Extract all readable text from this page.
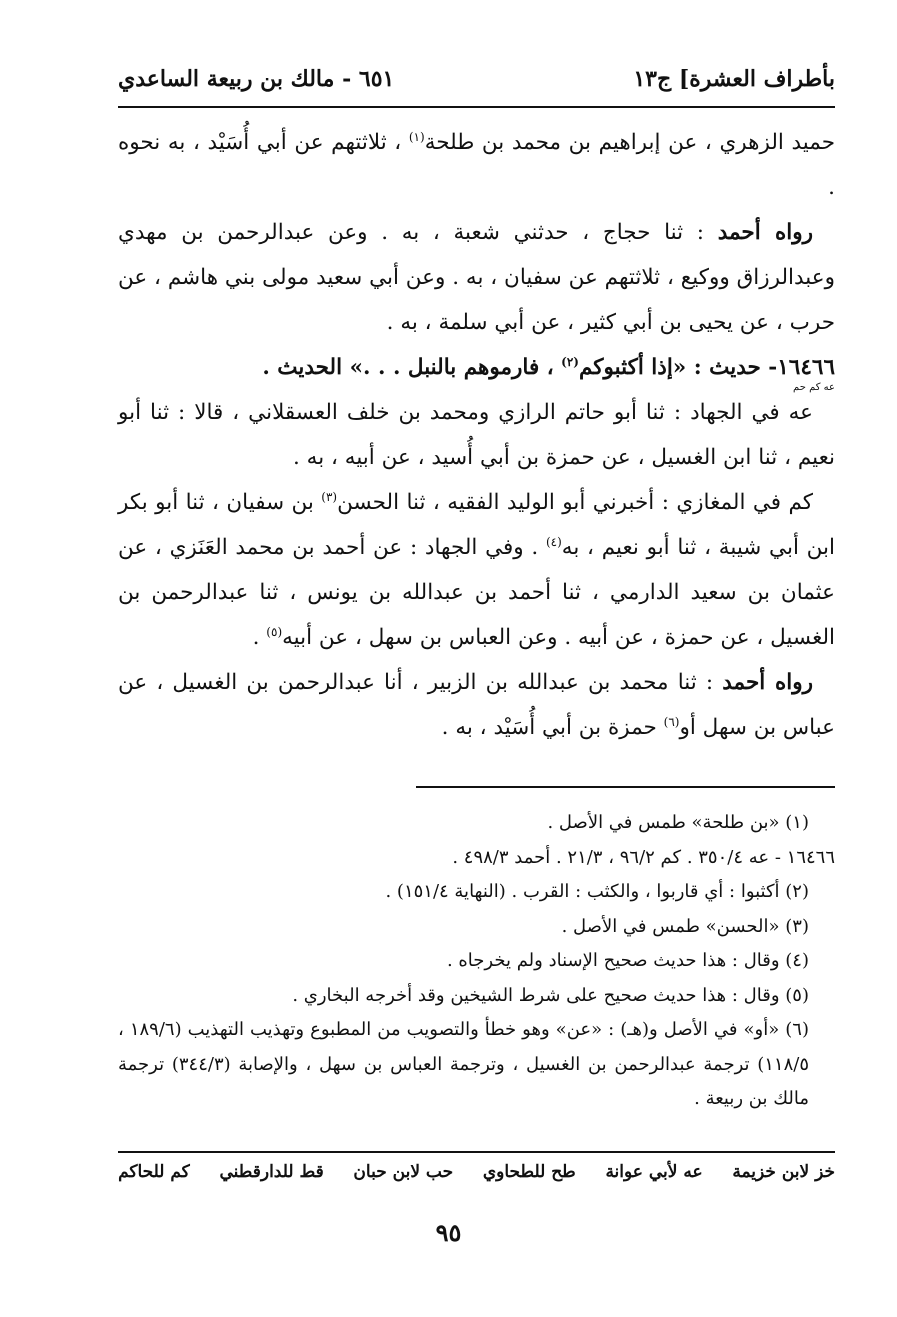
بأطراف العشرة] ج١٣
٦٥١ - مالك بن ربيعة الساعدي

حميد الزهري ، عن إبراهيم بن محمد بن طلحة$^{(١)}$ ، ثلاثتهم عن أبي أُسَيْد ، به نحوه .

رواه أحمد : ثنا حجاج ، حدثني شعبة ، به . وعن عبدالرحمن بن مهدي وعبدالرزاق ووكيع ، ثلاثتهم عن سفيان ، به . وعن أبي سعيد مولى بني هاشم ، عن حرب ، عن يحيى بن أبي كثير ، عن أبي سلمة ، به .

١٦٤٦٦
عه كم حم
- حديث : «إذا أكثبوكم$^{(٢)}$ ، فارموهم بالنبل . . .» الحديث .

عه في الجهاد : ثنا أبو حاتم الرازي ومحمد بن خلف العسقلاني ، قالا : ثنا أبو نعيم ، ثنا ابن الغسيل ، عن حمزة بن أبي أُسيد ، عن أبيه ، به .

كم في المغازي : أخبرني أبو الوليد الفقيه ، ثنا الحسن$^{(٣)}$ بن سفيان ، ثنا أبو بكر ابن أبي شيبة ، ثنا أبو نعيم ، به$^{(٤)}$ . وفي الجهاد : عن أحمد بن محمد العَنَزي ، عن عثمان بن سعيد الدارمي ، ثنا أحمد بن عبدالله بن يونس ، ثنا عبدالرحمن بن الغسيل ، عن حمزة ، عن أبيه . وعن العباس بن سهل ، عن أبيه$^{(٥)}$ .

رواه أحمد : ثنا محمد بن عبدالله بن الزبير ، أنا عبدالرحمن بن الغسيل ، عن عباس بن سهل أو$^{(٦)}$ حمزة بن أبي أُسَيْد ، به .

(١) «بن طلحة» طمس في الأصل .

١٦٤٦٦ - عه ٣٥٠/٤ . كم ٩٦/٢ ، ٢١/٣ . أحمد ٤٩٨/٣ .

(٢) أكثبوا : أي قاربوا ، والكثب : القرب . (النهاية ١٥١/٤) .

(٣) «الحسن» طمس في الأصل .

(٤) وقال : هذا حديث صحيح الإسناد ولم يخرجاه .

(٥) وقال : هذا حديث صحيح على شرط الشيخين وقد أخرجه البخاري .

(٦) «أو» في الأصل و(هـ) : «عن» وهو خطأ والتصويب من المطبوع وتهذيب التهذيب (١٨٩/٦ ، ١١٨/٥) ترجمة عبدالرحمن بن الغسيل ، وترجمة العباس بن سهل ، والإصابة (٣٤٤/٣) ترجمة مالك بن ربيعة .

خز لابن خزيمة
عه لأبي عوانة
طح للطحاوي
حب لابن حبان
قط للدارقطني
كم للحاكم
٩٥
